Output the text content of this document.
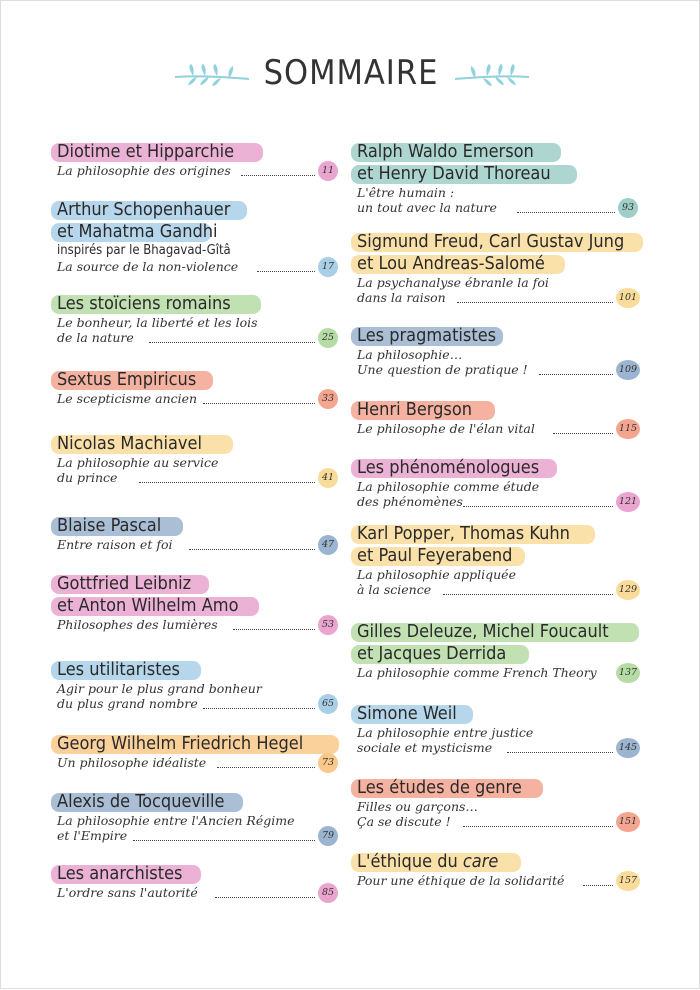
SOMMAIRE
Diotime et Hipparchie
La philosophie des origines	11
Arthur Schopenhauer
et Mahatma Gandhi
inspirés par le Bhagavad-Gîtâ
La source de la non-violence	17
Les stoïciens romains
Le bonheur, la liberté et les lois
de la nature	25
Sextus Empiricus
Le scepticisme ancien	33
Nicolas Machiavel
La philosophie au service
du prince	41
Blaise Pascal
Entre raison et foi	47
Gottfried Leibniz
et Anton Wilhelm Amo
Philosophes des lumières	53
Les utilitaristes
Agir pour le plus grand bonheur
du plus grand nombre	65
Georg Wilhelm Friedrich Hegel
Un philosophe idéaliste	73
Alexis de Tocqueville
La philosophie entre l'Ancien Régime
et l'Empire	79
Les anarchistes
L'ordre sans l'autorité	85
Ralph Waldo Emerson
et Henry David Thoreau
L'être humain :
un tout avec la nature	93
Sigmund Freud, Carl Gustav Jung
et Lou Andreas-Salomé
La psychanalyse ébranle la foi
dans la raison	101
Les pragmatistes
La philosophie…
Une question de pratique !	109
Henri Bergson
Le philosophe de l'élan vital	115
Les phénoménologues
La philosophie comme étude
des phénomènes	121
Karl Popper, Thomas Kuhn
et Paul Feyerabend
La philosophie appliquée
à la science	129
Gilles Deleuze, Michel Foucault
et Jacques Derrida
La philosophie comme French Theory	137
Simone Weil
La philosophie entre justice
sociale et mysticisme	145
Les études de genre
Filles ou garçons…
Ça se discute !	151
L'éthique du care
Pour une éthique de la solidarité	157
